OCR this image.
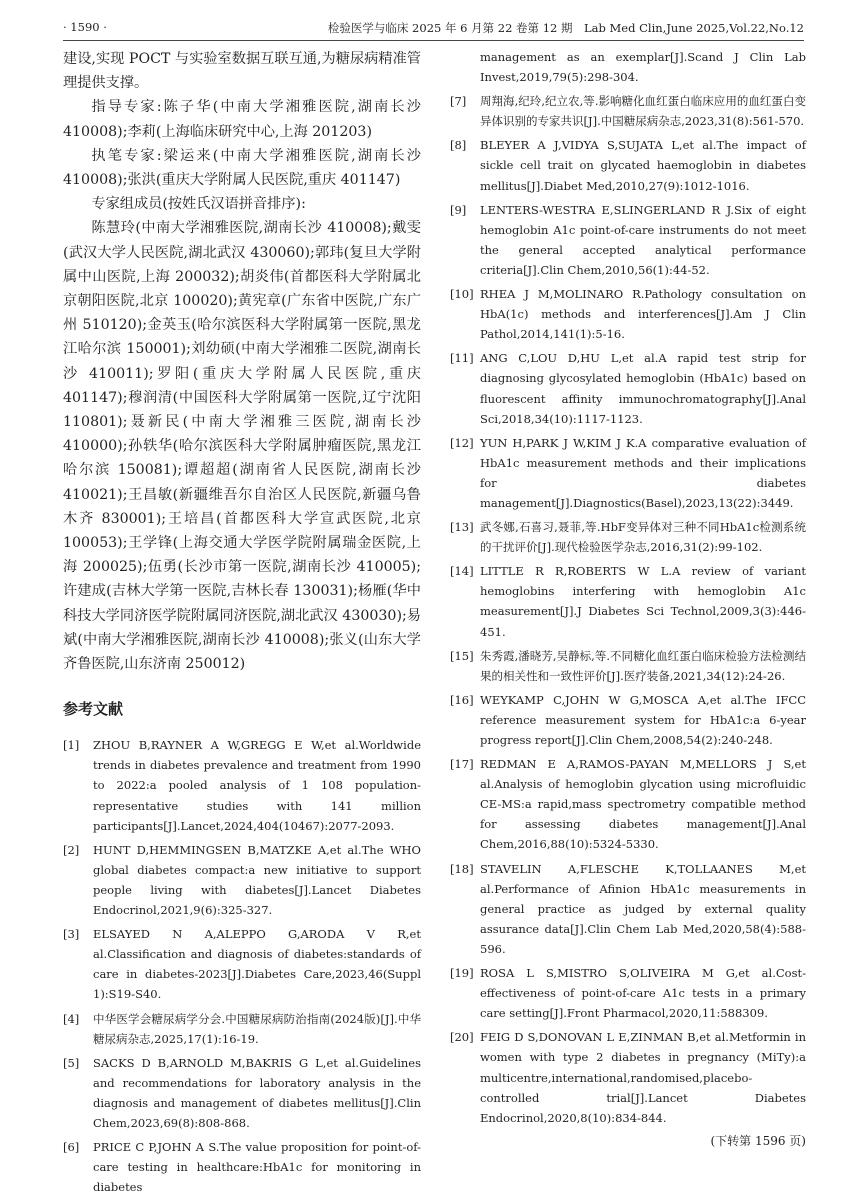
· 1590 ·	检验医学与临床 2025 年 6 月第 22 卷第 12 期　Lab Med Clin,June 2025,Vol.22,No.12

建设,实现 POCT 与实验室数据互联互通,为糖尿病精准管理提供支撑。

指导专家:陈子华(中南大学湘雅医院,湖南长沙 410008);李莉(上海临床研究中心,上海 201203)

执笔专家:梁运来(中南大学湘雅医院,湖南长沙 410008);张洪(重庆大学附属人民医院,重庆 401147)

专家组成员(按姓氏汉语拼音排序):

陈慧玲(中南大学湘雅医院,湖南长沙 410008);戴雯(武汉大学人民医院,湖北武汉 430060);郭玮(复旦大学附属中山医院,上海 200032);胡炎伟(首都医科大学附属北京朝阳医院,北京 100020);黄宪章(广东省中医院,广东广州 510120);金英玉(哈尔滨医科大学附属第一医院,黑龙江哈尔滨 150001);刘幼硕(中南大学湘雅二医院,湖南长沙 410011);罗阳(重庆大学附属人民医院,重庆 401147);穆润清(中国医科大学附属第一医院,辽宁沈阳 110801);聂新民(中南大学湘雅三医院,湖南长沙 410000);孙轶华(哈尔滨医科大学附属肿瘤医院,黑龙江哈尔滨 150081);谭超超(湖南省人民医院,湖南长沙 410021);王昌敏(新疆维吾尔自治区人民医院,新疆乌鲁木齐 830001);王培昌(首都医科大学宣武医院,北京 100053);王学锋(上海交通大学医学院附属瑞金医院,上海 200025);伍勇(长沙市第一医院,湖南长沙 410005);许建成(吉林大学第一医院,吉林长春 130031);杨雁(华中科技大学同济医学院附属同济医院,湖北武汉 430030);易斌(中南大学湘雅医院,湖南长沙 410008);张义(山东大学齐鲁医院,山东济南 250012)

参考文献
[1] ZHOU B,RAYNER A W,GREGG E W,et al.Worldwide trends in diabetes prevalence and treatment from 1990 to 2022:a pooled analysis of 1 108 population-representative studies with 141 million participants[J].Lancet,2024,404(10467):2077-2093.
[2] HUNT D,HEMMINGSEN B,MATZKE A,et al.The WHO global diabetes compact:a new initiative to support people living with diabetes[J].Lancet Diabetes Endocrinol,2021,9(6):325-327.
[3] ELSAYED N A,ALEPPO G,ARODA V R,et al.Classification and diagnosis of diabetes:standards of care in diabetes-2023[J].Diabetes Care,2023,46(Suppl 1):S19-S40.
[4] 中华医学会糖尿病学分会.中国糖尿病防治指南(2024版)[J].中华糖尿病杂志,2025,17(1):16-19.
[5] SACKS D B,ARNOLD M,BAKRIS G L,et al.Guidelines and recommendations for laboratory analysis in the diagnosis and management of diabetes mellitus[J].Clin Chem,2023,69(8):808-868.
[6] PRICE C P,JOHN A S.The value proposition for point-of-care testing in healthcare:HbA1c for monitoring in diabetes
management as an exemplar[J].Scand J Clin Lab Invest,2019,79(5):298-304.
[7] 周翔海,纪玲,纪立农,等.影响糖化血红蛋白临床应用的血红蛋白变异体识别的专家共识[J].中国糖尿病杂志,2023,31(8):561-570.
[8] BLEYER A J,VIDYA S,SUJATA L,et al.The impact of sickle cell trait on glycated haemoglobin in diabetes mellitus[J].Diabet Med,2010,27(9):1012-1016.
[9] LENTERS-WESTRA E,SLINGERLAND R J.Six of eight hemoglobin A1c point-of-care instruments do not meet the general accepted analytical performance criteria[J].Clin Chem,2010,56(1):44-52.
[10] RHEA J M,MOLINARO R.Pathology consultation on HbA(1c) methods and interferences[J].Am J Clin Pathol,2014,141(1):5-16.
[11] ANG C,LOU D,HU L,et al.A rapid test strip for diagnosing glycosylated hemoglobin (HbA1c) based on fluorescent affinity immunochromatography[J].Anal Sci,2018,34(10):1117-1123.
[12] YUN H,PARK J W,KIM J K.A comparative evaluation of HbA1c measurement methods and their implications for diabetes management[J].Diagnostics(Basel),2023,13(22):3449.
[13] 武冬娜,石喜习,聂菲,等.HbF变异体对三种不同HbA1c检测系统的干扰评价[J].现代检验医学杂志,2016,31(2):99-102.
[14] LITTLE R R,ROBERTS W L.A review of variant hemoglobins interfering with hemoglobin A1c measurement[J].J Diabetes Sci Technol,2009,3(3):446-451.
[15] 朱秀霞,潘晓芳,吴静标,等.不同糖化血红蛋白临床检验方法检测结果的相关性和一致性评价[J].医疗装备,2021,34(12):24-26.
[16] WEYKAMP C,JOHN W G,MOSCA A,et al.The IFCC reference measurement system for HbA1c:a 6-year progress report[J].Clin Chem,2008,54(2):240-248.
[17] REDMAN E A,RAMOS-PAYAN M,MELLORS J S,et al.Analysis of hemoglobin glycation using microfluidic CE-MS:a rapid,mass spectrometry compatible method for assessing diabetes management[J].Anal Chem,2016,88(10):5324-5330.
[18] STAVELIN A,FLESCHE K,TOLLAANES M,et al.Performance of Afinion HbA1c measurements in general practice as judged by external quality assurance data[J].Clin Chem Lab Med,2020,58(4):588-596.
[19] ROSA L S,MISTRO S,OLIVEIRA M G,et al.Cost-effectiveness of point-of-care A1c tests in a primary care setting[J].Front Pharmacol,2020,11:588309.
[20] FEIG D S,DONOVAN L E,ZINMAN B,et al.Metformin in women with type 2 diabetes in pregnancy (MiTy):a multicentre,international,randomised,placebo-controlled trial[J].Lancet Diabetes Endocrinol,2020,8(10):834-844.
(下转第 1596 页)
